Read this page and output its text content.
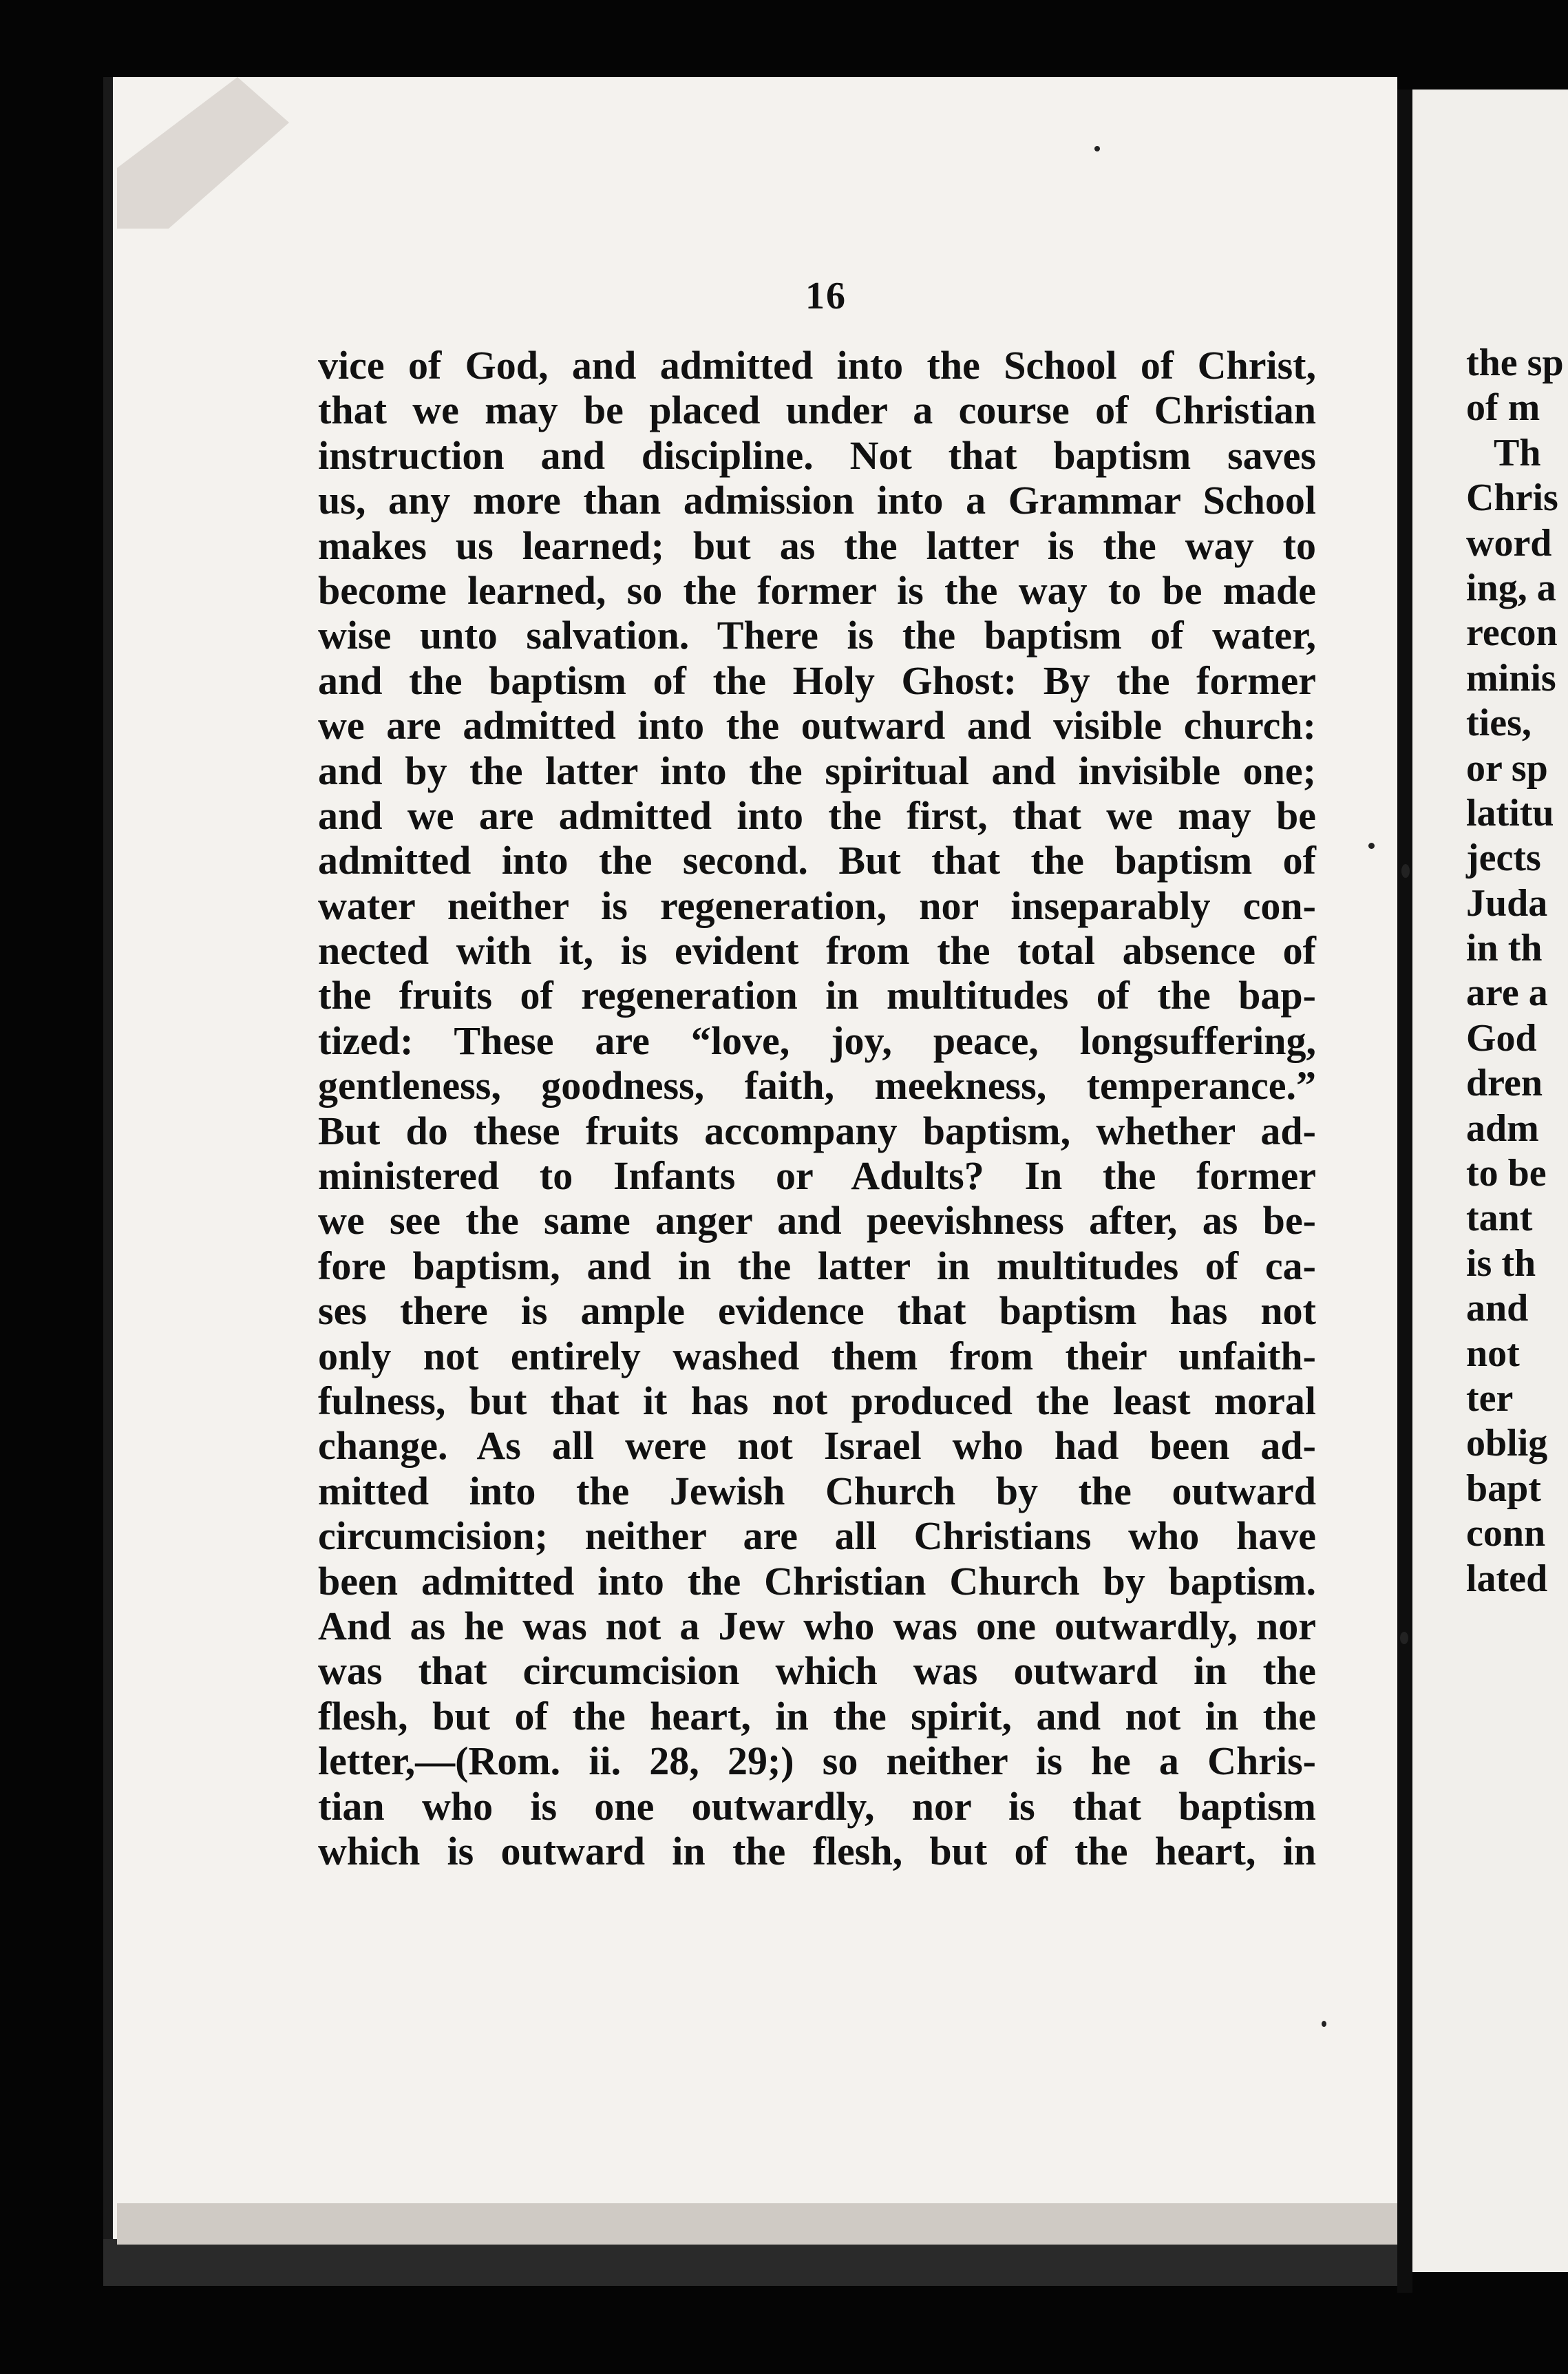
the sp
of m
Th
Chris
word
ing, a
recon
minis
ties,
or sp
latitu
jects
Juda
in th
are a
God
dren
adm
to be
tant
is th
and
not
ter
oblig
bapt
conn
lated
16
vice of God, and admitted into the School of Christ,
that we may be placed under a course of Christian
instruction and discipline. Not that baptism saves
us, any more than admission into a Grammar School
makes us learned; but as the latter is the way to
become learned, so the former is the way to be made
wise unto salvation. There is the baptism of water,
and the baptism of the Holy Ghost: By the former
we are admitted into the outward and visible church:
and by the latter into the spiritual and invisible one;
and we are admitted into the first, that we may be
admitted into the second. But that the baptism of
water neither is regeneration, nor inseparably con-
nected with it, is evident from the total absence of
the fruits of regeneration in multitudes of the bap-
tized: These are “love, joy, peace, longsuffering,
gentleness, goodness, faith, meekness, temperance.”
But do these fruits accompany baptism, whether ad-
ministered to Infants or Adults? In the former
we see the same anger and peevishness after, as be-
fore baptism, and in the latter in multitudes of ca-
ses there is ample evidence that baptism has not
only not entirely washed them from their unfaith-
fulness, but that it has not produced the least moral
change. As all were not Israel who had been ad-
mitted into the Jewish Church by the outward
circumcision; neither are all Christians who have
been admitted into the Christian Church by baptism.
And as he was not a Jew who was one outwardly, nor
was that circumcision which was outward in the
flesh, but of the heart, in the spirit, and not in the
letter,—(Rom. ii. 28, 29;) so neither is he a Chris-
tian who is one outwardly, nor is that baptism
which is outward in the flesh, but of the heart, in
